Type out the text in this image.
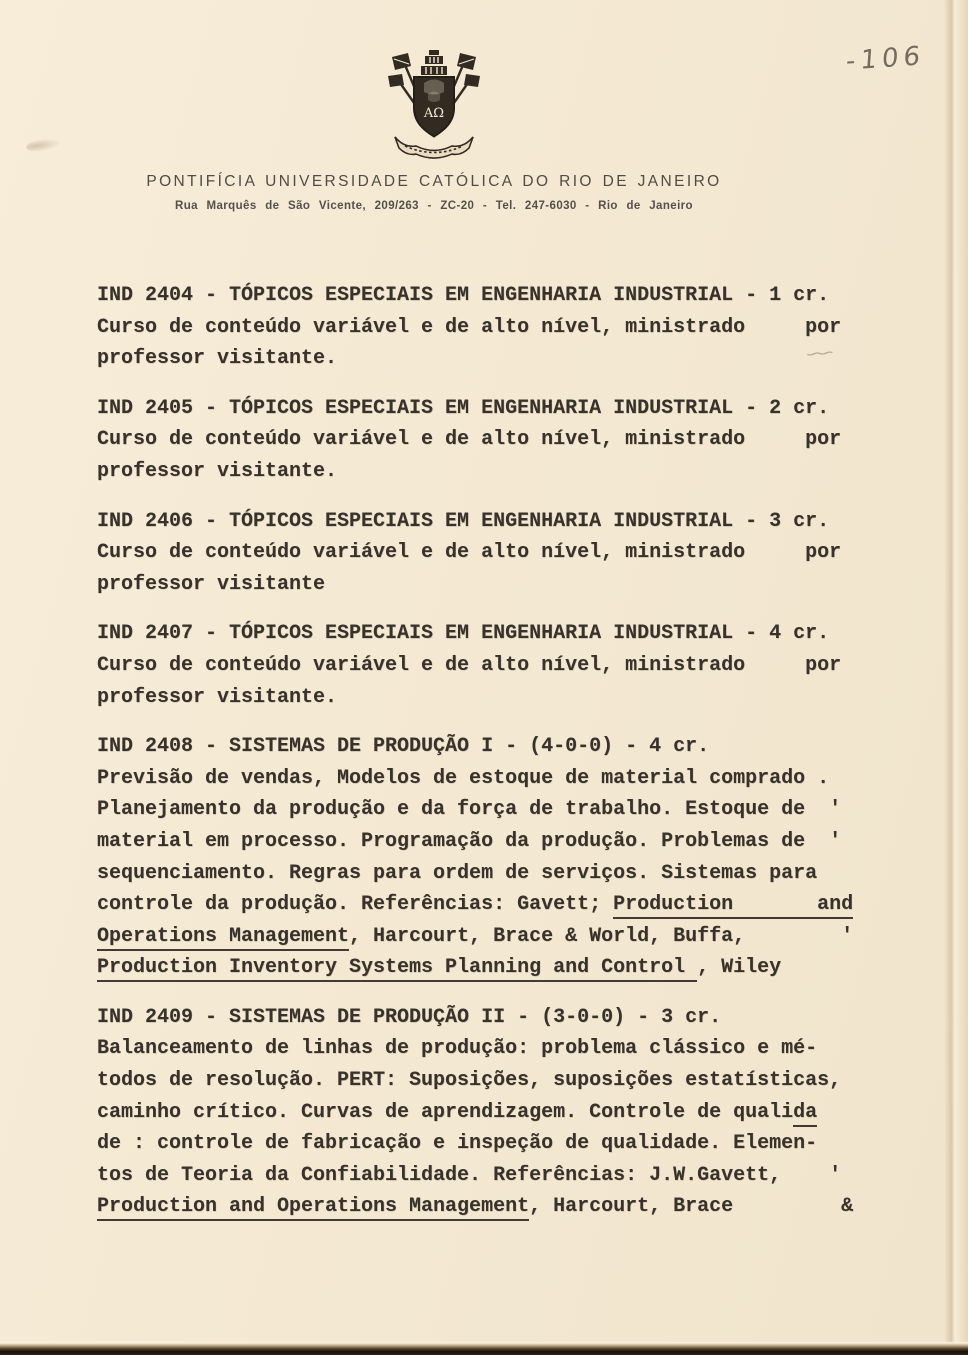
-106
ΑΩ
PONTIFÍCIA UNIVERSIDADE CATÓLICA DO RIO DE JANEIRO
Rua Marquês de São Vicente, 209/263 - ZC-20 - Tel. 247-6030 - Rio de Janeiro
IND 2404 - TÓPICOS ESPECIAIS EM ENGENHARIA INDUSTRIAL - 1 cr.
Curso de conteúdo variável e de alto nível, ministrado     por
professor visitante.
IND 2405 - TÓPICOS ESPECIAIS EM ENGENHARIA INDUSTRIAL - 2 cr.
Curso de conteúdo variável e de alto nível, ministrado     por
professor visitante.
IND 2406 - TÓPICOS ESPECIAIS EM ENGENHARIA INDUSTRIAL - 3 cr.
Curso de conteúdo variável e de alto nível, ministrado     por
professor visitante
IND 2407 - TÓPICOS ESPECIAIS EM ENGENHARIA INDUSTRIAL - 4 cr.
Curso de conteúdo variável e de alto nível, ministrado     por
professor visitante.
IND 2408 - SISTEMAS DE PRODUÇÃO I - (4-0-0) - 4 cr.
Previsão de vendas, Modelos de estoque de material comprado .
Planejamento da produção e da força de trabalho. Estoque de  '
material em processo. Programação da produção. Problemas de  '
sequenciamento. Regras para ordem de serviços. Sistemas para
controle da produção. Referências: Gavett; Production       and
Operations Management, Harcourt, Brace & World, Buffa,        '
Production Inventory Systems Planning and Control , Wiley
IND 2409 - SISTEMAS DE PRODUÇÃO II - (3-0-0) - 3 cr.
Balanceamento de linhas de produção: problema clássico e mé-
todos de resolução. PERT: Suposições, suposições estatísticas,
caminho crítico. Curvas de aprendizagem. Controle de qualida
de : controle de fabricação e inspeção de qualidade. Elemen-
tos de Teoria da Confiabilidade. Referências: J.W.Gavett,    '
Production and Operations Management, Harcourt, Brace         &
⌇
